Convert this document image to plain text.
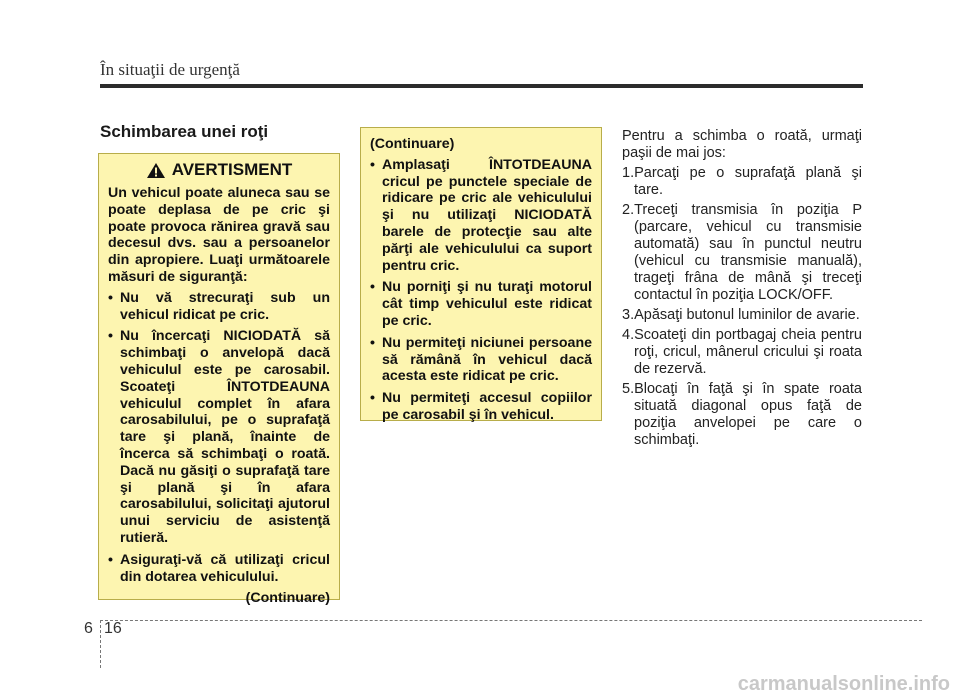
În situaţii de urgenţă
Schimbarea unei roţi
AVERTISMENT

Un vehicul poate aluneca sau se poate deplasa de pe cric şi poate provoca rănirea gravă sau decesul dvs. sau a persoanelor din apropiere. Luaţi următoarele măsuri de siguranţă:

• Nu vă strecuraţi sub un vehicul ridicat pe cric.
• Nu încercaţi NICIODATĂ să schimbaţi o anvelopă dacă vehiculul este pe carosabil. Scoateţi ÎNTOTDEAUNA vehiculul complet în afara carosabilului, pe o suprafaţă tare şi plană, înainte de încerca să schimbaţi o roată. Dacă nu găsiţi o suprafaţă tare şi plană şi în afara carosabilului, solicitaţi ajutorul unui serviciu de asistenţă rutieră.
• Asiguraţi-vă că utilizaţi cricul din dotarea vehiculului.
(Continuare)
(Continuare)
• Amplasaţi ÎNTOTDEAUNA cricul pe punctele speciale de ridicare pe cric ale vehiculului şi nu utilizaţi NICIODATĂ barele de protecţie sau alte părţi ale vehiculului ca suport pentru cric.
• Nu porniţi şi nu turaţi motorul cât timp vehiculul este ridicat pe cric.
• Nu permiteţi niciunei persoane să rămână în vehicul dacă acesta este ridicat pe cric.
• Nu permiteţi accesul copiilor pe carosabil şi în vehicul.

Pentru a schimba o roată, urmaţi paşii de mai jos:

1.Parcaţi pe o suprafaţă plană şi tare.
2.Treceţi transmisia în poziţia P (parcare, vehicul cu transmisie automată) sau în punctul neutru (vehicul cu transmisie manuală), trageţi frâna de mână şi treceţi contactul în poziţia LOCK/OFF.
3.Apăsaţi butonul luminilor de avarie.
4.Scoateţi din portbagaj cheia pentru roţi, cricul, mânerul cricului şi roata de rezervă.
5.Blocaţi în faţă şi în spate roata situată diagonal opus faţă de poziţia anvelopei pe care o schimbaţi.
6 16
carmanualsonline.info
